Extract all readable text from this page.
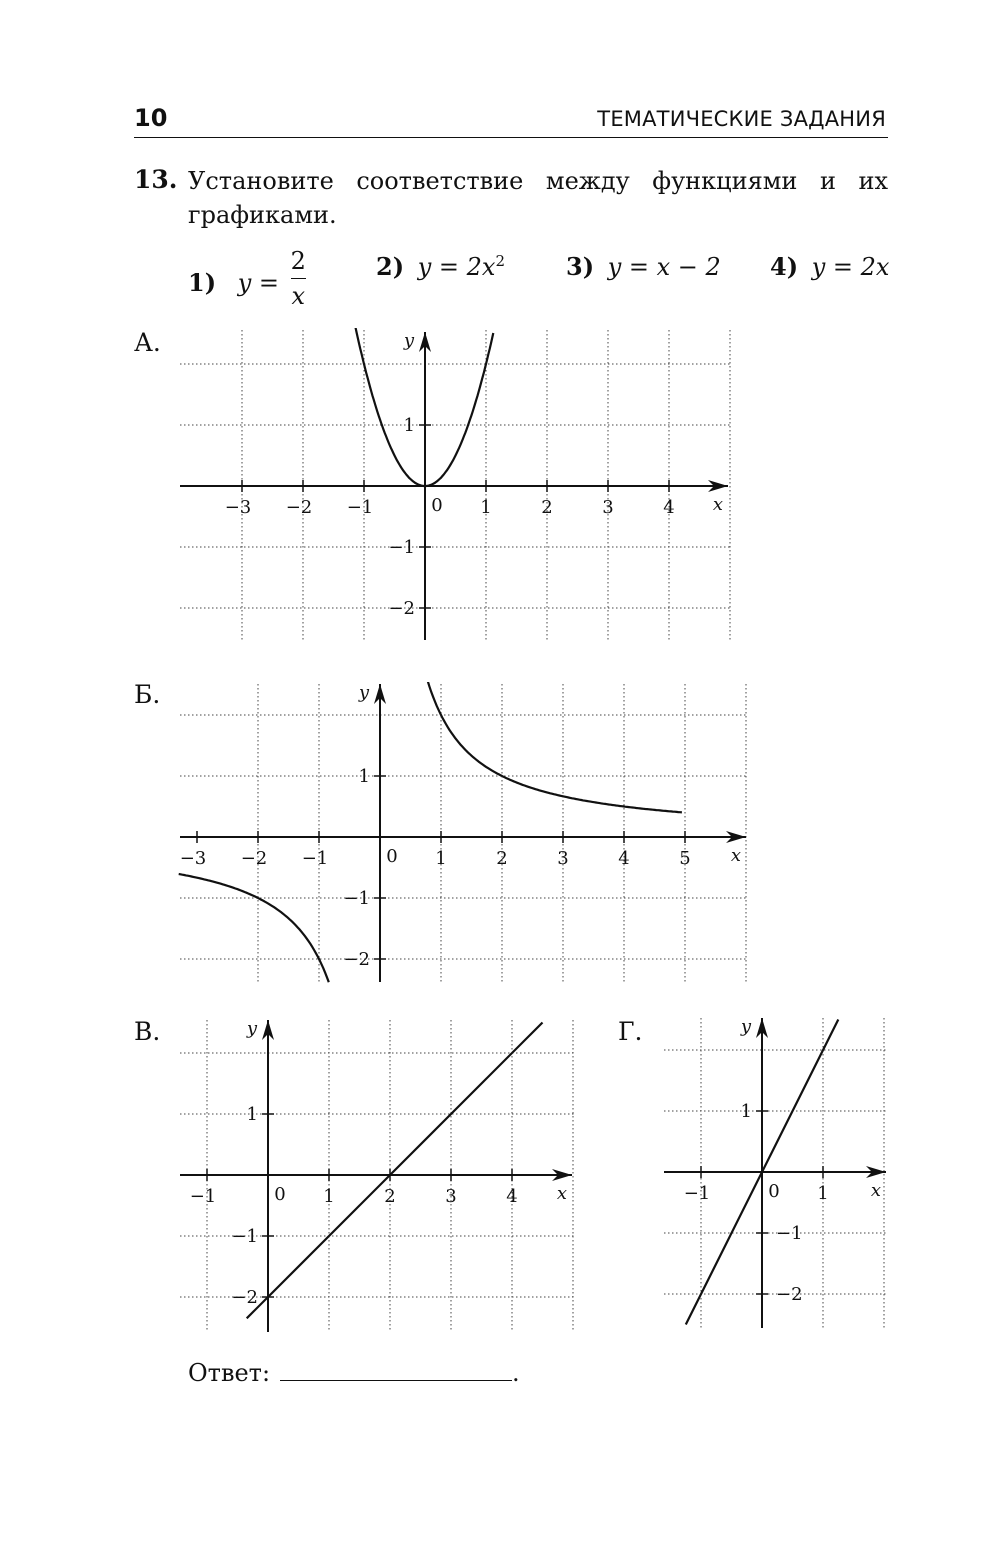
10	ТЕМАТИЧЕСКИЕ ЗАДАНИЯ
13. Установите соответствие между функциями и их графиками.
1) $y = \frac{2}{x}$	2) $y = 2x^2$	3) y = x − 2 4) y = 2x
А.
Б.
В.	Г.
x
y
−3 −2 −1	0 1	2	3	4
1
−1
−2
x
y
−3 −2 −1	0 1	2	3	4	5
1
−1
−2
x
y
−1	0 1	2	3	4
1
−1
−2
x
y
−1	0 1
1
−1
−2
Ответ:	.
